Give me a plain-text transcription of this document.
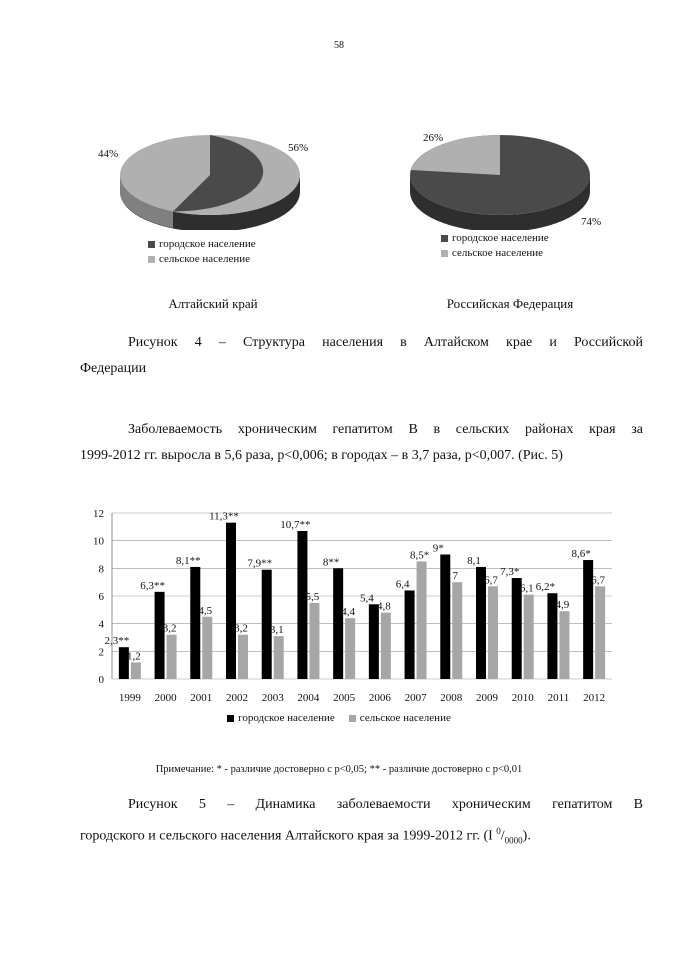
58
44%	56%
26%
74%
городское население
сельское население
городское население
сельское население
Алтайский край	Российская Федерация
Рисунок 4 – Структура населения в Алтайском крае и Российской
Федерации
Заболеваемость хроническим гепатитом В в сельских районах края за
1999-2012 гг. выросла в 5,6 раза, p<0,006; в городах – в 3,7 раза, p<0,007. (Рис. 5)
2,3**
1,2
6,3**
3,2
8,1**
4,5
11,3**
3,2
7,9**
3,1
10,7**
5,5
8**
4,4
5,4
4,8
6,4
8,5*
9*
7
8,1
6,7
7,3*
6,1 6,2*
4,9
8,6*
6,7
0
2
4
6
8
10
12
1999 2000 2001 2002 2003 2004 2005 2006 2007 2008 2009 2010 2011 2012
городское население сельское население
Примечание: * - различие достоверно с p<0,05; ** - различие достоверно с p<0,01
Рисунок 5 – Динамика заболеваемости хроническим гепатитом В
городского и сельского населения Алтайского края за 1999-2012 гг. (I $^0/_{0000}$).
